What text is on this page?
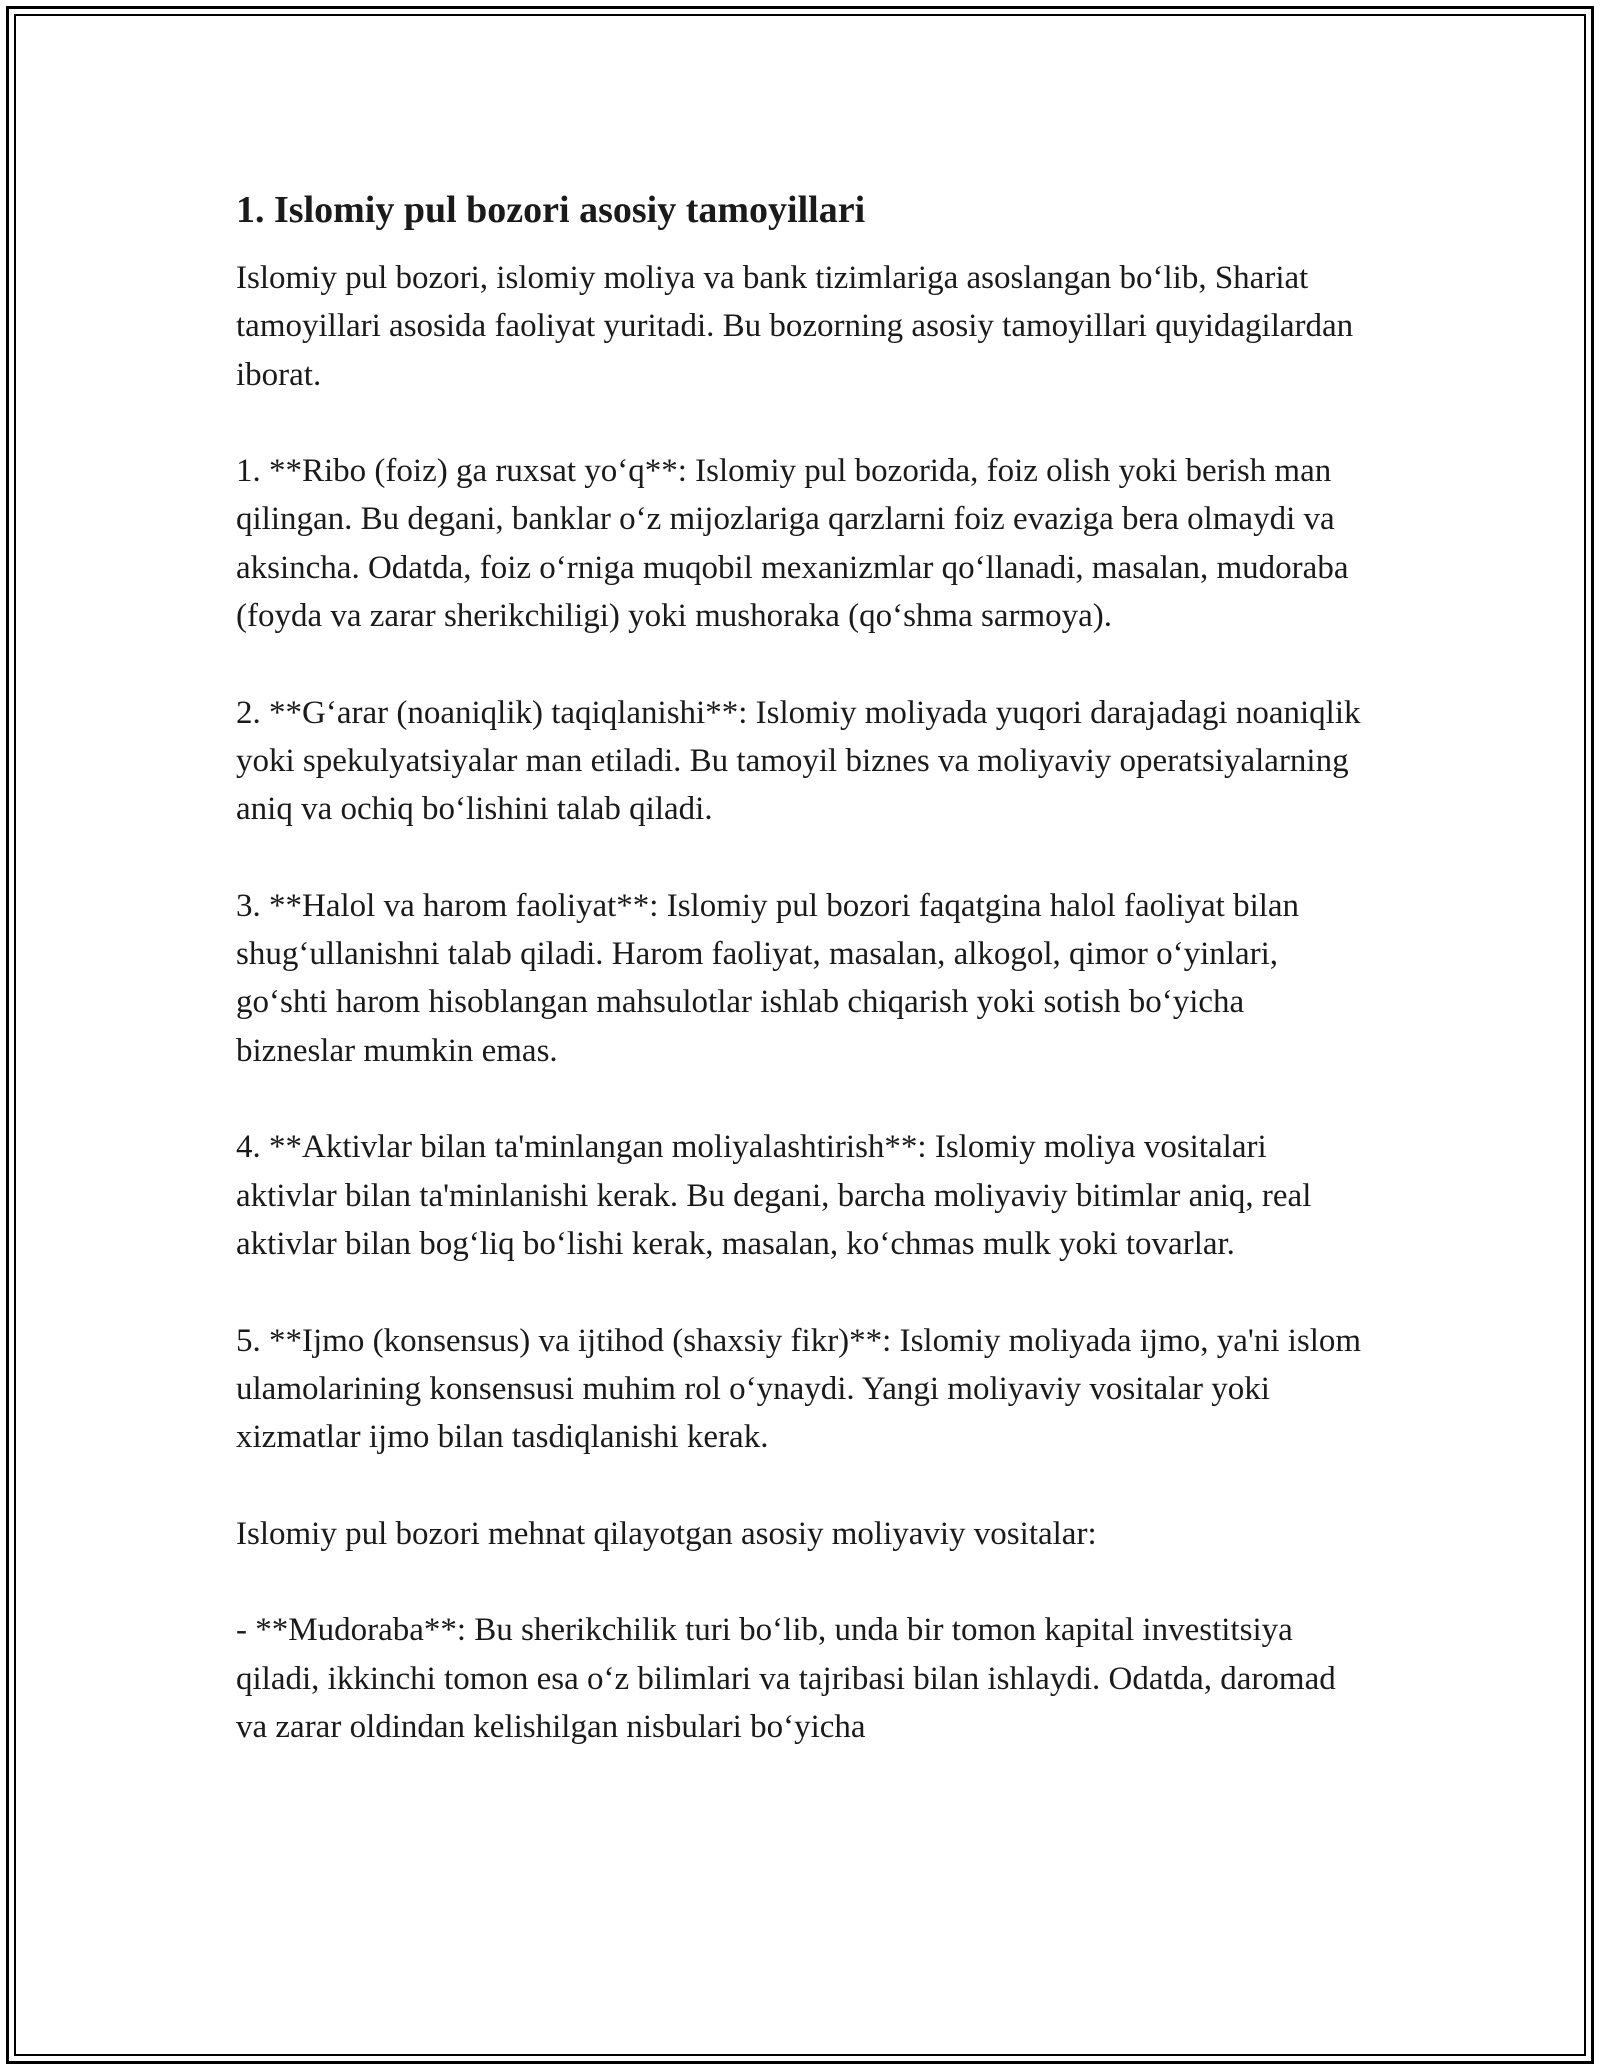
1. Islomiy pul bozori asosiy tamoyillari

Islomiy pul bozori, islomiy moliya va bank tizimlariga asoslangan bo‘lib, Shariat tamoyillari asosida faoliyat yuritadi. Bu bozorning asosiy tamoyillari quyidagilardan iborat.

1. **Ribo (foiz) ga ruxsat yo‘q**: Islomiy pul bozorida, foiz olish yoki berish man qilingan. Bu degani, banklar o‘z mijozlariga qarzlarni foiz evaziga bera olmaydi va aksincha. Odatda, foiz o‘rniga muqobil mexanizmlar qo‘llanadi, masalan, mudoraba (foyda va zarar sherikchiligi) yoki mushoraka (qo‘shma sarmoya).

2. **G‘arar (noaniqlik) taqiqlanishi**: Islomiy moliyada yuqori darajadagi noaniqlik yoki spekulyatsiyalar man etiladi. Bu tamoyil biznes va moliyaviy operatsiyalarning aniq va ochiq bo‘lishini talab qiladi.

3. **Halol va harom faoliyat**: Islomiy pul bozori faqatgina halol faoliyat bilan shug‘ullanishni talab qiladi. Harom faoliyat, masalan, alkogol, qimor o‘yinlari, go‘shti harom hisoblangan mahsulotlar ishlab chiqarish yoki sotish bo‘yicha bizneslar mumkin emas.

4. **Aktivlar bilan ta'minlangan moliyalashtirish**: Islomiy moliya vositalari aktivlar bilan ta'minlanishi kerak. Bu degani, barcha moliyaviy bitimlar aniq, real aktivlar bilan bog‘liq bo‘lishi kerak, masalan, ko‘chmas mulk yoki tovarlar.

5. **Ijmo (konsensus) va ijtihod (shaxsiy fikr)**: Islomiy moliyada ijmo, ya'ni islom ulamolarining konsensusi muhim rol o‘ynaydi. Yangi moliyaviy vositalar yoki xizmatlar ijmo bilan tasdiqlanishi kerak.

Islomiy pul bozori mehnat qilayotgan asosiy moliyaviy vositalar:

- **Mudoraba**: Bu sherikchilik turi bo‘lib, unda bir tomon kapital investitsiya qiladi, ikkinchi tomon esa o‘z bilimlari va tajribasi bilan ishlaydi. Odatda, daromad va zarar oldindan kelishilgan nisbulari bo‘yicha
